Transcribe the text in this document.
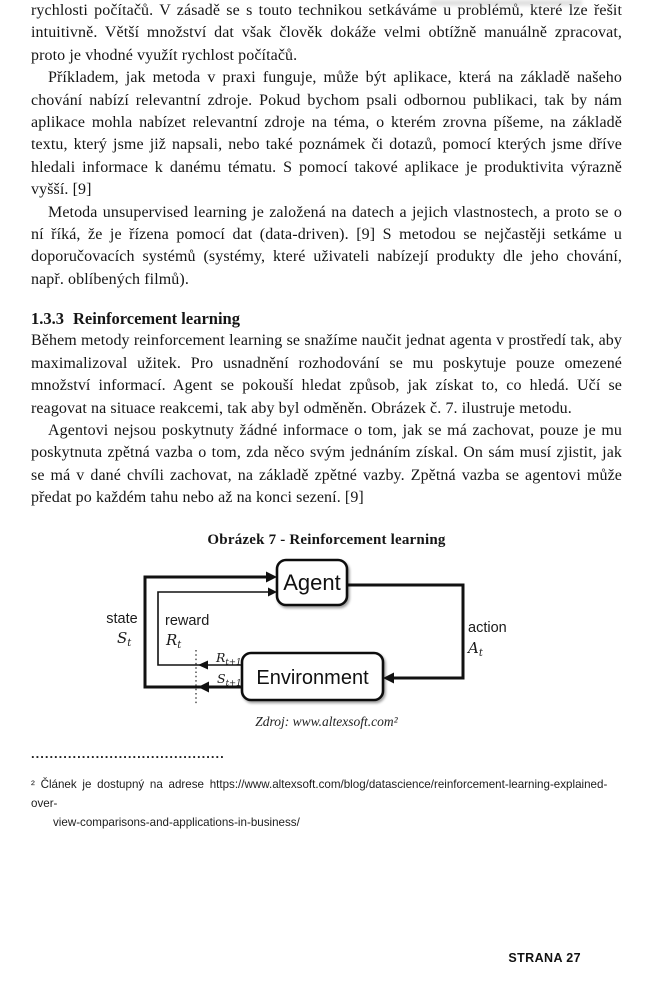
rychlosti počítačů. V zásadě se s touto technikou setkáváme u problémů, které lze řešit intuitivně. Větší množství dat však člověk dokáže velmi obtížně manuálně zpracovat, proto je vhodné využít rychlost počítačů.

Příkladem, jak metoda v praxi funguje, může být aplikace, která na základě našeho chování nabízí relevantní zdroje. Pokud bychom psali odbornou publikaci, tak by nám aplikace mohla nabízet relevantní zdroje na téma, o kterém zrovna píšeme, na základě textu, který jsme již napsali, nebo také poznámek či dotazů, pomocí kterých jsme dříve hledali informace k danému tématu. S pomocí takové aplikace je produktivita výrazně vyšší. [9]

Metoda unsupervised learning je založená na datech a jejich vlastnostech, a proto se o ní říká, že je řízena pomocí dat (data-driven). [9] S metodou se nejčastěji setkáme u doporučovacích systémů (systémy, které uživateli nabízejí produkty dle jeho chování, např. oblíbených filmů).

1.3.3 Reinforcement learning

Během metody reinforcement learning se snažíme naučit jednat agenta v prostředí tak, aby maximalizoval užitek. Pro usnadnění rozhodování se mu poskytuje pouze omezené množství informací. Agent se pokouší hledat způsob, jak získat to, co hledá. Učí se reagovat na situace reakcemi, tak aby byl odměněn. Obrázek č. 7. ilustruje metodu.

Agentovi nejsou poskytnuty žádné informace o tom, jak se má zachovat, pouze je mu poskytnuta zpětná vazba o tom, zda něco svým jednáním získal. On sám musí zjistit, jak se má v dané chvíli zachovat, na základě zpětné vazby. Zpětná vazba se agentovi může předat po každém tahu nebo až na konci sezení. [9]

Obrázek 7 - Reinforcement learning
Agent
Environment
state
$S_t$
reward
$R_t$
action
$A_t$
$R_{t+1}$
$S_{t+1}$
Zdroj: www.altexsoft.com²
..........................................
² Článek je dostupný na adrese https://www.altexsoft.com/blog/datascience/reinforcement-learning-explained-over-
view-comparisons-and-applications-in-business/
STRANA 27
